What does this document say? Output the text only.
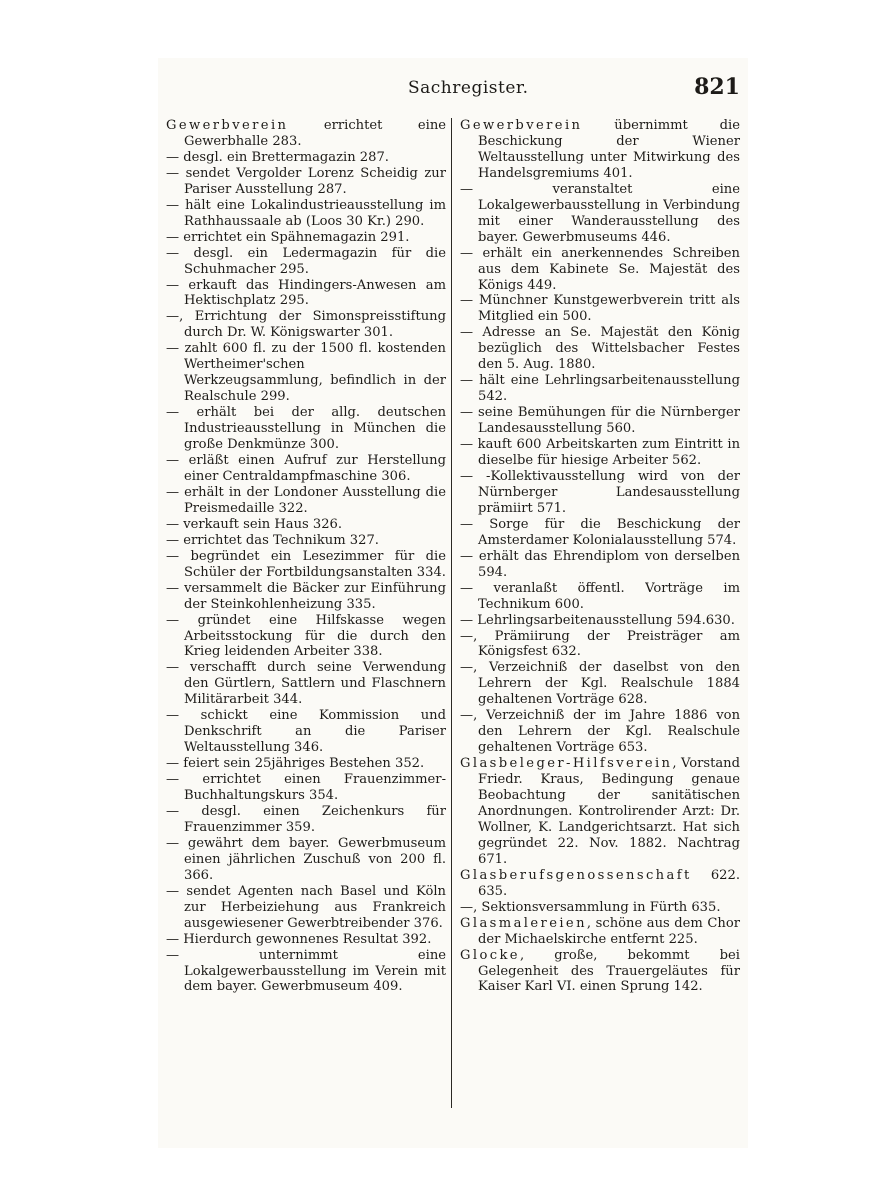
Sachregister.	821

Gewerbverein errichtet eine Gewerbhalle 283.

— desgl. ein Brettermagazin 287.

— sendet Vergolder Lorenz Scheidig zur Pariser Ausstellung 287.

— hält eine Lokalindustrieausstellung im Rathhaussaale ab (Loos 30 Kr.) 290.

— errichtet ein Spähnemagazin 291.

— desgl. ein Ledermagazin für die Schuhmacher 295.

— erkauft das Hindingers-Anwesen am Hektischplatz 295.

—, Errichtung der Simonspreisstiftung durch Dr. W. Königswarter 301.

— zahlt 600 fl. zu der 1500 fl. kostenden Wertheimer'schen Werkzeugsammlung, befindlich in der Realschule 299.

— erhält bei der allg. deutschen Industrieausstellung in München die große Denkmünze 300.

— erläßt einen Aufruf zur Herstellung einer Centraldampfmaschine 306.

— erhält in der Londoner Ausstellung die Preismedaille 322.

— verkauft sein Haus 326.

— errichtet das Technikum 327.

— begründet ein Lesezimmer für die Schüler der Fortbildungsanstalten 334.

— versammelt die Bäcker zur Einführung der Steinkohlenheizung 335.

— gründet eine Hilfskasse wegen Arbeitsstockung für die durch den Krieg leidenden Arbeiter 338.

— verschafft durch seine Verwendung den Gürtlern, Sattlern und Flaschnern Militärarbeit 344.

— schickt eine Kommission und Denkschrift an die Pariser Weltausstellung 346.

— feiert sein 25jähriges Bestehen 352.

— errichtet einen Frauenzimmer-Buchhaltungskurs 354.

— desgl. einen Zeichenkurs für Frauenzimmer 359.

— gewährt dem bayer. Gewerbmuseum einen jährlichen Zuschuß von 200 fl. 366.

— sendet Agenten nach Basel und Köln zur Herbeiziehung aus Frankreich ausgewiesener Gewerbtreibender 376.

— Hierdurch gewonnenes Resultat 392.

— unternimmt eine Lokalgewerbausstellung im Verein mit dem bayer. Gewerbmuseum 409.

Gewerbverein übernimmt die Beschickung der Wiener Weltausstellung unter Mitwirkung des Handelsgremiums 401.

— veranstaltet eine Lokalgewerbausstellung in Verbindung mit einer Wanderausstellung des bayer. Gewerbmuseums 446.

— erhält ein anerkennendes Schreiben aus dem Kabinete Se. Majestät des Königs 449.

— Münchner Kunstgewerbverein tritt als Mitglied ein 500.

— Adresse an Se. Majestät den König bezüglich des Wittelsbacher Festes den 5. Aug. 1880.

— hält eine Lehrlingsarbeitenausstellung 542.

— seine Bemühungen für die Nürnberger Landesausstellung 560.

— kauft 600 Arbeitskarten zum Eintritt in dieselbe für hiesige Arbeiter 562.

— -Kollektivausstellung wird von der Nürnberger Landesausstellung prämiirt 571.

— Sorge für die Beschickung der Amsterdamer Kolonialausstellung 574.

— erhält das Ehrendiplom von derselben 594.

— veranlaßt öffentl. Vorträge im Technikum 600.

— Lehrlingsarbeitenausstellung 594.630.

—, Prämiirung der Preisträger am Königsfest 632.

—, Verzeichniß der daselbst von den Lehrern der Kgl. Realschule 1884 gehaltenen Vorträge 628.

—, Verzeichniß der im Jahre 1886 von den Lehrern der Kgl. Realschule gehaltenen Vorträge 653.

Glasbeleger-Hilfsverein, Vorstand Friedr. Kraus, Bedingung genaue Beobachtung der sanitätischen Anordnungen. Kontrolirender Arzt: Dr. Wollner, K. Landgerichtsarzt. Hat sich gegründet 22. Nov. 1882. Nachtrag 671.

Glasberufsgenossenschaft 622. 635.

—, Sektionsversammlung in Fürth 635.

Glasmalereien, schöne aus dem Chor der Michaelskirche entfernt 225.

Glocke, große, bekommt bei Gelegenheit des Trauergeläutes für Kaiser Karl VI. einen Sprung 142.
